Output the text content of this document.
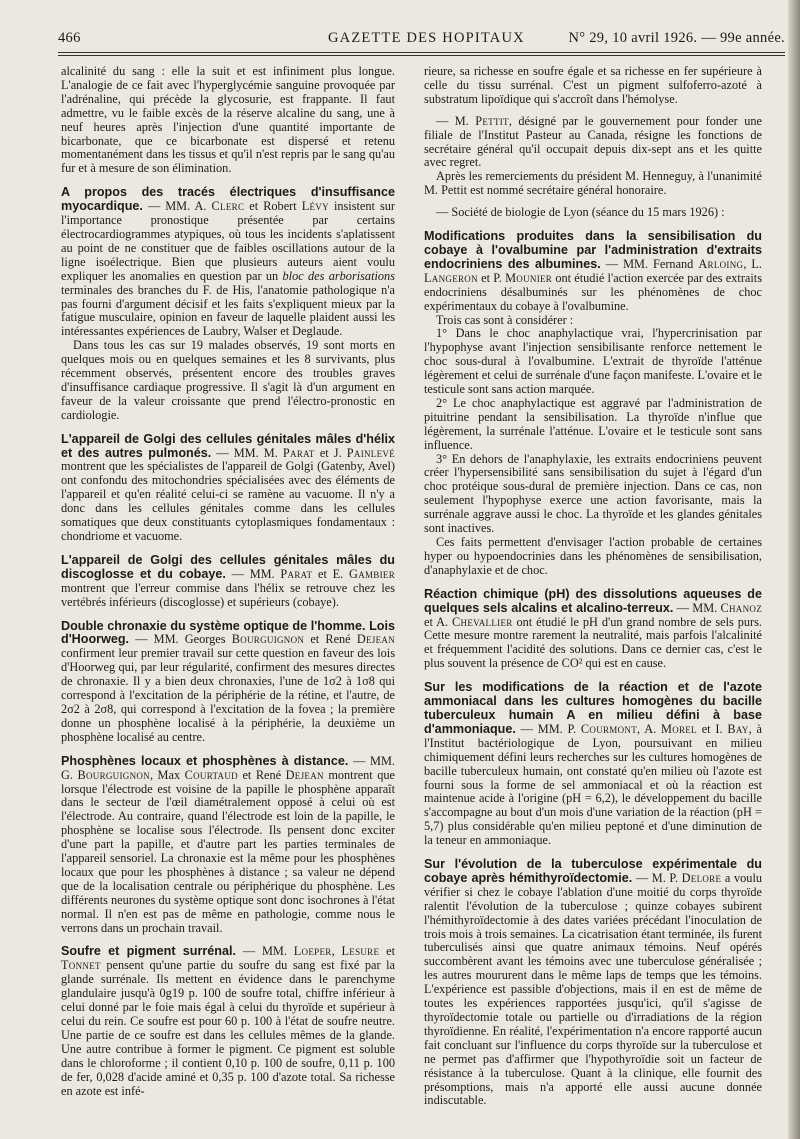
466	GAZETTE DES HOPITAUX	N° 29, 10 avril 1926. — 99e année.

alcalinité du sang : elle la suit et est infiniment plus longue. L'analogie de ce fait avec l'hyperglycémie sanguine provoquée par l'adrénaline, qui précède la glycosurie, est frappante. Il faut admettre, vu le faible excès de la réserve alcaline du sang, une à neuf heures après l'injection d'une quantité importante de bicarbonate, que ce bicarbonate est dispersé et retenu momentanément dans les tissus et qu'il n'est repris par le sang qu'au fur et à mesure de son élimination.

A propos des tracés électriques d'insuffisance myocardique. — MM. A. Clerc et Robert Lévy insistent sur l'importance pronostique présentée par certains électrocardiogrammes atypiques, où tous les incidents s'aplatissent au point de ne constituer que de faibles oscillations autour de la ligne isoélectrique. Bien que plusieurs auteurs aient voulu expliquer les anomalies en question par un bloc des arborisations terminales des branches du F. de His, l'anatomie pathologique n'a pas fourni d'argument décisif et les faits s'expliquent mieux par la fatigue musculaire, opinion en faveur de laquelle plaident aussi les intéressantes expériences de Laubry, Walser et Deglaude.

Dans tous les cas sur 19 malades observés, 19 sont morts en quelques mois ou en quelques semaines et les 8 survivants, plus récemment observés, présentent encore des troubles graves d'insuffisance cardiaque progressive. Il s'agit là d'un argument en faveur de la valeur croissante que prend l'électro-pronostic en cardiologie.

L'appareil de Golgi des cellules génitales mâles d'hélix et des autres pulmonés. — MM. M. Parat et J. Painlevé montrent que les spécialistes de l'appareil de Golgi (Gatenby, Avel) ont confondu des mitochondries spécialisées avec des éléments de l'appareil et qu'en réalité celui-ci se ramène au vacuome. Il n'y a donc dans les cellules génitales comme dans les cellules somatiques que deux constituants cytoplasmiques fondamentaux : chondriome et vacuome.

L'appareil de Golgi des cellules génitales mâles du discoglosse et du cobaye. — MM. Parat et E. Gambier montrent que l'erreur commise dans l'hélix se retrouve chez les vertébrés inférieurs (discoglosse) et supérieurs (cobaye).

Double chronaxie du système optique de l'homme. Lois d'Hoorweg. — MM. Georges Bourguignon et René Dejean confirment leur premier travail sur cette question en faveur des lois d'Hoorweg qui, par leur régularité, confirment des mesures directes de chronaxie. Il y a bien deux chronaxies, l'une de 1σ2 à 1σ8 qui correspond à l'excitation de la périphérie de la rétine, et l'autre, de 2σ2 à 2σ8, qui correspond à l'excitation de la fovea ; la première donne un phosphène localisé à la périphérie, la deuxième un phosphène localisé au centre.

Phosphènes locaux et phosphènes à distance. — MM. G. Bourguignon, Max Courtaud et René Dejean montrent que lorsque l'électrode est voisine de la papille le phosphène apparaît dans le secteur de l'œil diamétralement opposé à celui où est l'électrode. Au contraire, quand l'électrode est loin de la papille, le phosphène se localise sous l'électrode. Ils pensent donc exciter d'une part la papille, et d'autre part les parties terminales de l'appareil sensoriel. La chronaxie est la même pour les phosphènes locaux que pour les phosphènes à distance ; sa valeur ne dépend que de la localisation centrale ou périphérique du phosphène. Les différents neurones du système optique sont donc isochrones à l'état normal. Il n'en est pas de même en pathologie, comme nous le verrons dans un prochain travail.

Soufre et pigment surrénal. — MM. Loeper, Lesure et Tonnet pensent qu'une partie du soufre du sang est fixé par la glande surrénale. Ils mettent en évidence dans le parenchyme glandulaire jusqu'à 0g19 p. 100 de soufre total, chiffre inférieur à celui donné par le foie mais égal à celui du thyroïde et supérieur à celui du rein. Ce soufre est pour 60 p. 100 à l'état de soufre neutre. Une partie de ce soufre est dans les cellules mêmes de la glande. Une autre contribue à former le pigment. Ce pigment est soluble dans le chloroforme ; il contient 0,10 p. 100 de soufre, 0,11 p. 100 de fer, 0,028 d'acide aminé et 0,35 p. 100 d'azote total. Sa richesse en azote est infé-

rieure, sa richesse en soufre égale et sa richesse en fer supérieure à celle du tissu surrénal. C'est un pigment sulfoferro-azoté à substratum lipoïdique qui s'accroît dans l'hémolyse.

— M. Pettit, désigné par le gouvernement pour fonder une filiale de l'Institut Pasteur au Canada, résigne les fonctions de secrétaire général qu'il occupait depuis dix-sept ans et les quitte avec regret.

Après les remerciements du président M. Henneguy, à l'unanimité M. Pettit est nommé secrétaire général honoraire.

— Société de biologie de Lyon (séance du 15 mars 1926) :

Modifications produites dans la sensibilisation du cobaye à l'ovalbumine par l'administration d'extraits endocriniens des albumines. — MM. Fernand Arloing, L. Langeron et P. Mounier ont étudié l'action exercée par des extraits endocriniens désalbuminés sur les phénomènes de choc expérimentaux du cobaye à l'ovalbumine.

Trois cas sont à considérer :

1° Dans le choc anaphylactique vrai, l'hypercrinisation par l'hypophyse avant l'injection sensibilisante renforce nettement le choc sous-dural à l'ovalbumine. L'extrait de thyroïde l'atténue légèrement et celui de surrénale d'une façon manifeste. L'ovaire et le testicule sont sans action marquée.

2° Le choc anaphylactique est aggravé par l'administration de pituitrine pendant la sensibilisation. La thyroïde n'influe que légèrement, la surrénale l'atténue. L'ovaire et le testicule sont sans influence.

3° En dehors de l'anaphylaxie, les extraits endocriniens peuvent créer l'hypersensibilité sans sensibilisation du sujet à l'égard d'un choc protéique sous-dural de première injection. Dans ce cas, non seulement l'hypophyse exerce une action favorisante, mais la surrénale aggrave aussi le choc. La thyroïde et les glandes génitales sont inactives.

Ces faits permettent d'envisager l'action probable de certaines hyper ou hypoendocrinies dans les phénomènes de sensibilisation, d'anaphylaxie et de choc.

Réaction chimique (pH) des dissolutions aqueuses de quelques sels alcalins et alcalino-terreux. — MM. Chanoz et A. Chevallier ont étudié le pH d'un grand nombre de sels purs. Cette mesure montre rarement la neutralité, mais parfois l'alcalinité et fréquemment l'acidité des solutions. Dans ce dernier cas, c'est le plus souvent la présence de CO² qui est en cause.

Sur les modifications de la réaction et de l'azote ammoniacal dans les cultures homogènes du bacille tuberculeux humain A en milieu défini à base d'ammoniaque. — MM. P. Courmont, A. Morel et I. Bay, à l'Institut bactériologique de Lyon, poursuivant en milieu chimiquement défini leurs recherches sur les cultures homogènes de bacille tuberculeux humain, ont constaté qu'en milieu où l'azote est fourni sous la forme de sel ammoniacal et où la réaction est maintenue acide à l'origine (pH = 6,2), le développement du bacille s'accompagne au bout d'un mois d'une variation de la réaction (pH = 5,7) plus considérable qu'en milieu peptoné et d'une diminution de la teneur en ammoniaque.

Sur l'évolution de la tuberculose expérimentale du cobaye après hémithyroïdectomie. — M. P. Delore a voulu vérifier si chez le cobaye l'ablation d'une moitié du corps thyroïde ralentit l'évolution de la tuberculose ; quinze cobayes subirent l'hémithyroïdectomie à des dates variées précédant l'inoculation de trois mois à trois semaines. La cicatrisation étant terminée, ils furent tuberculisés ainsi que quatre animaux témoins. Neuf opérés succombèrent avant les témoins avec une tuberculose généralisée ; les autres moururent dans le même laps de temps que les témoins. L'expérience est passible d'objections, mais il en est de même de toutes les expériences rapportées jusqu'ici, qu'il s'agisse de thyroïdectomie totale ou partielle ou d'irradiations de la région thyroïdienne. En réalité, l'expérimentation n'a encore rapporté aucun fait concluant sur l'influence du corps thyroïde sur la tuberculose et ne permet pas d'affirmer que l'hypothyroïdie soit un facteur de résistance à la tuberculose. Quant à la clinique, elle fournit des présomptions, mais n'a apporté elle aussi aucune donnée indiscutable.
